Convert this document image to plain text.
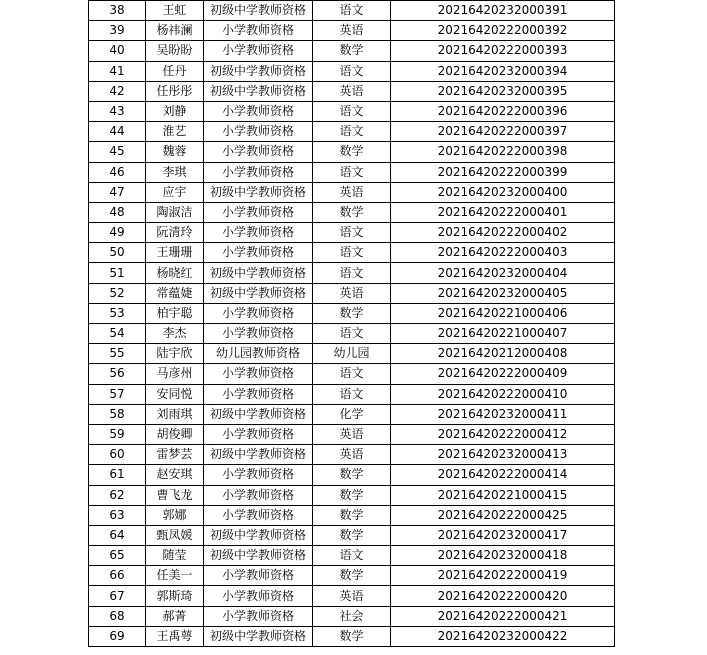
38	王虹	初级中学教师资格	语文	20216420232000391
39	杨祎澜	小学教师资格	英语	20216420222000392
40	吴盼盼	小学教师资格	数学	20216420222000393
41	任丹	初级中学教师资格	语文	20216420232000394
42	任彤彤	初级中学教师资格	英语	20216420232000395
43	刘静	小学教师资格	语文	20216420222000396
44	淮艺	小学教师资格	语文	20216420222000397
45	魏蓉	小学教师资格	数学	20216420222000398
46	李琪	小学教师资格	语文	20216420222000399
47	应宇	初级中学教师资格	英语	20216420232000400
48	陶淑洁	小学教师资格	数学	20216420222000401
49	阮清玲	小学教师资格	语文	20216420222000402
50	王珊珊	小学教师资格	语文	20216420222000403
51	杨晓红	初级中学教师资格	语文	20216420232000404
52	常蕴婕	初级中学教师资格	英语	20216420232000405
53	柏宇聪	小学教师资格	数学	20216420221000406
54	李杰	小学教师资格	语文	20216420221000407
55	陆宇欣	幼儿园教师资格	幼儿园	20216420212000408
56	马彦州	小学教师资格	语文	20216420222000409
57	安同悦	小学教师资格	语文	20216420222000410
58	刘雨琪	初级中学教师资格	化学	20216420232000411
59	胡俊卿	小学教师资格	英语	20216420222000412
60	雷梦芸	初级中学教师资格	英语	20216420232000413
61	赵安琪	小学教师资格	数学	20216420222000414
62	曹飞龙	小学教师资格	数学	20216420221000415
63	郭娜	小学教师资格	数学	20216420222000425
64	甄凤媛	初级中学教师资格	数学	20216420232000417
65	随莹	初级中学教师资格	语文	20216420232000418
66	任美一	小学教师资格	数学	20216420222000419
67	郭斯琦	小学教师资格	英语	20216420222000420
68	郝菁	小学教师资格	社会	20216420222000421
69	王禹萼	初级中学教师资格	数学	20216420232000422
